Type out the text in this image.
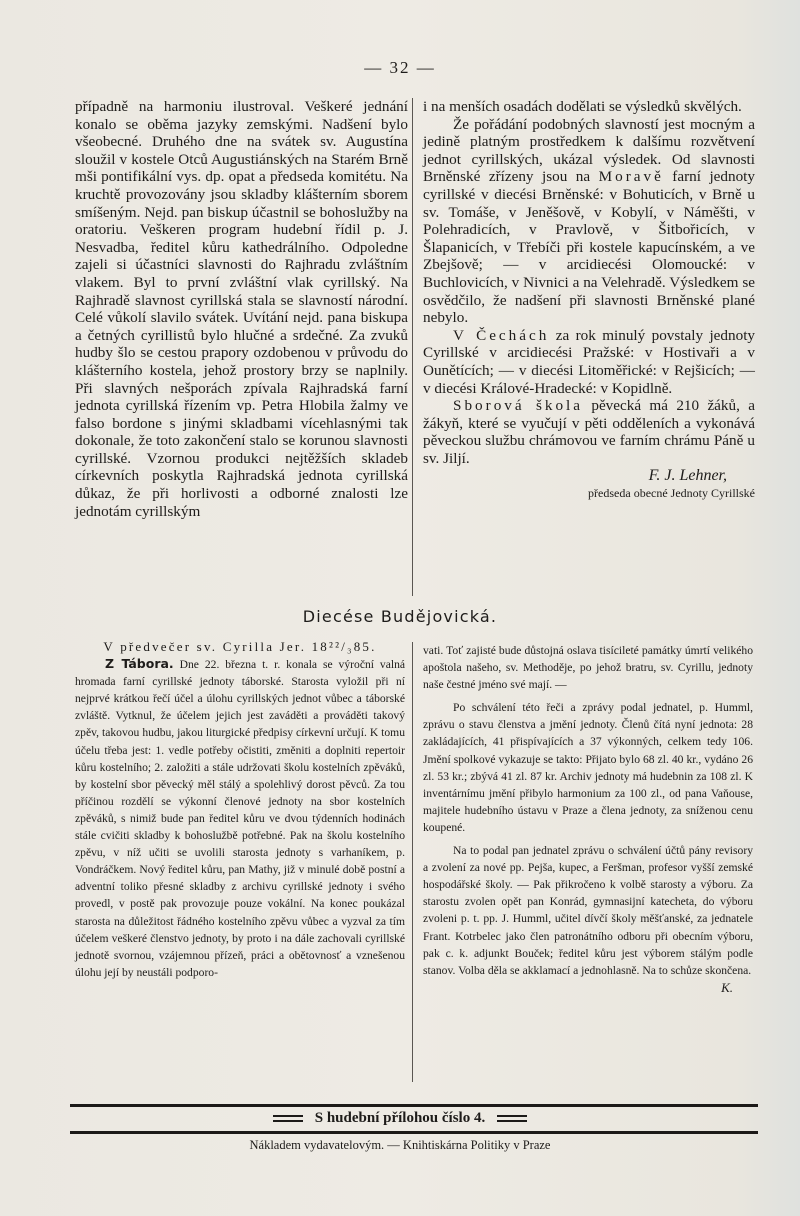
— 32 —

případně na harmoniu ilustroval. Veškeré jednání konalo se oběma jazyky zemskými. Nadšení bylo všeobecné. Druhého dne na svátek sv. Augustína sloužil v kostele Otců Augustiánských na Starém Brně mši pontifikální vys. dp. opat a předseda komitétu. Na kruchtě provozovány jsou skladby klášterním sborem smíšeným. Nejd. pan biskup účastnil se bohoslužby na oratoriu. Veškeren program hudební řídil p. J. Nesvadba, ředitel kůru kathedrálního. Odpoledne zajeli si účastníci slavnosti do Rajhradu zvláštním vlakem. Byl to první zvláštní vlak cyrillský. Na Rajhradě slavnost cyrillská stala se slavností národní. Celé vůkolí slavilo svátek. Uvítání nejd. pana biskupa a četných cyrillistů bylo hlučné a srdečné. Za zvuků hudby šlo se cestou prapory ozdobenou v průvodu do klášterního kostela, jehož prostory brzy se naplnily. Při slavných nešporách zpívala Rajhradská farní jednota cyrillská řízením vp. Petra Hlobila žalmy ve falso bordone s jinými skladbami vícehlasnými tak dokonale, že toto zakončení stalo se korunou slavnosti cyrillské. Vzornou produkci nejtěžších skladeb církevních poskytla Rajhradská jednota cyrillská důkaz, že při horlivosti a odborné znalosti lze jednotám cyrillským

i na menších osadách dodělati se výsledků skvělých.

Že pořádání podobných slavností jest mocným a jedině platným prostředkem k dalšímu rozvětvení jednot cyrillských, ukázal výsledek. Od slavnosti Brněnské zřízeny jsou na Moravě farní jednoty cyrillské v diecési Brněnské: v Bohuticích, v Brně u sv. Tomáše, v Jeněšově, v Kobylí, v Náměšti, v Polehradicích, v Pravlově, v Šitbořicích, v Šlapanicích, v Třebíči při kostele kapucínském, a ve Zbejšově; — v arcidiecési Olomoucké: v Buchlovicích, v Nivnici a na Velehradě. Výsledkem se osvědčilo, že nadšení při slavnosti Brněnské plané nebylo.

V Čechách za rok minulý povstaly jednoty Cyrillské v arcidiecési Pražské: v Hostivaři a v Ounětících; — v diecési Litoměřické: v Rejšicích; — v diecési Králové-Hradecké: v Kopidlně.

Sborová škola pěvecká má 210 žáků, a žákyň, které se vyučují v pěti odděleních a vykonává pěveckou službu chrámovou ve farním chrámu Páně u sv. Jiljí.

F. J. Lehner,

předseda obecné Jednoty Cyrillské

Diecése Budějovická.

V předvečer sv. Cyrilla Jer. 18²²/₃85.

Z Tábora. Dne 22. března t. r. konala se výroční valná hromada farní cyrillské jednoty táborské. Starosta vyložil při ní nejprvé krátkou řečí účel a úlohu cyrillských jednot vůbec a táborské zvláště. Vytknul, že účelem jejich jest zaváděti a prováděti takový zpěv, takovou hudbu, jakou liturgické předpisy církevní určují. K tomu účelu třeba jest: 1. vedle potřeby očistiti, změniti a doplniti repertoir kůru kostelního; 2. založiti a stále udržovati školu kostelních zpěváků, by kostelní sbor pěvecký měl stálý a spolehlivý dorost pěvců. Za tou příčinou rozdělí se výkonní členové jednoty na sbor kostelních zpěváků, s nimiž bude pan ředitel kůru ve dvou týdenních hodinách stále cvičiti skladby k bohoslužbě potřebné. Pak na školu kostelního zpěvu, v níž učiti se uvolili starosta jednoty s varhaníkem, p. Vondráčkem. Nový ředitel kůru, pan Mathy, již v minulé době postní a adventní toliko přesné skladby z archivu cyrillské jednoty i svého provedl, v postě pak provozuje pouze vokální. Na konec poukázal starosta na důležitost řádného kostelního zpěvu vůbec a vyzval za tím účelem veškeré členstvo jednoty, by proto i na dále zachovali cyrillské jednotě svornou, vzájemnou přízeň, práci a obětovnosť a vznešenou úlohu její by neustáli podporo-

vati. Toť zajisté bude důstojná oslava tisícileté památky úmrtí velikého apoštola našeho, sv. Methoděje, po jehož bratru, sv. Cyrillu, jednoty naše čestné jméno své mají. —

Po schválení této řeči a zprávy podal jednatel, p. Humml, zprávu o stavu členstva a jmění jednoty. Členů čítá nyní jednota: 28 zakládajících, 41 přispívajících a 37 výkonných, celkem tedy 106. Jmění spolkové vykazuje se takto: Přijato bylo 68 zl. 40 kr., vydáno 26 zl. 53 kr.; zbývá 41 zl. 87 kr. Archiv jednoty má hudebnin za 108 zl. K inventárnímu jmění přibylo harmonium za 100 zl., od pana Vaňouse, majitele hudebního ústavu v Praze a člena jednoty, za sníženou cenu koupené.

Na to podal pan jednatel zprávu o schválení účtů pány revisory a zvolení za nové pp. Pejša, kupec, a Feršman, profesor vyšší zemské hospodářské školy. — Pak přikročeno k volbě starosty a výboru. Za starostu zvolen opět pan Konrád, gymnasijní katecheta, do výboru zvoleni p. t. pp. J. Humml, učitel dívčí školy měšťanské, za jednatele Frant. Kotrbelec jako člen patronátního odboru při obecním výboru, pak c. k. adjunkt Bouček; ředitel kůru jest výborem stálým podle stanov. Volba děla se akklamací a jednohlasně. Na to schůze skončena.
K.

S hudební přílohou číslo 4.
Nákladem vydavatelovým. — Knihtiskárna Politiky v Praze
